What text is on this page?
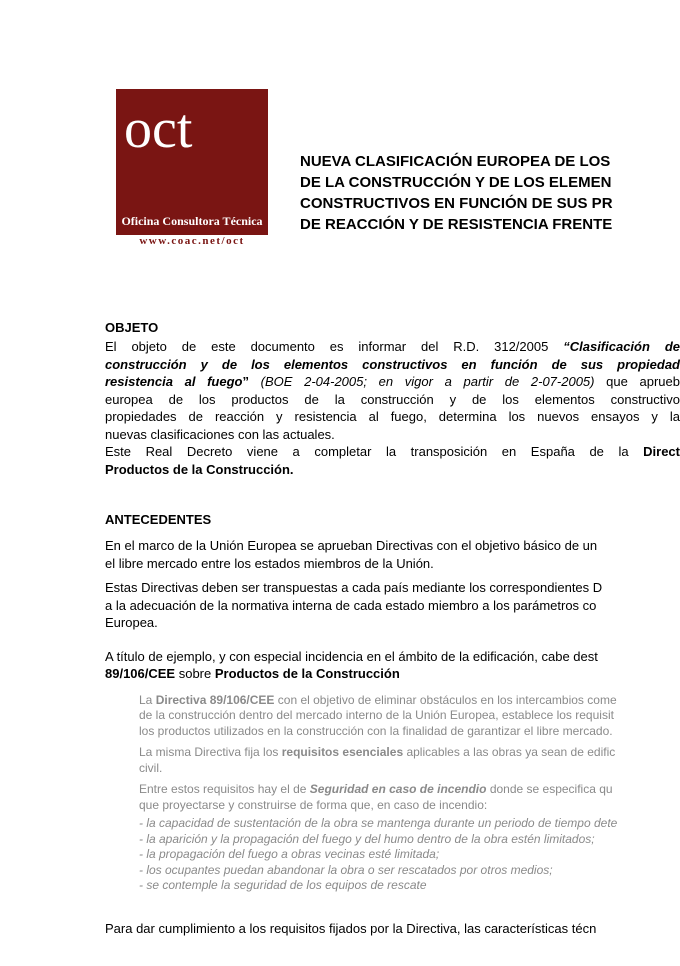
oct
Oficina Consultora Técnica
www.coac.net/oct
NUEVA CLASIFICACIÓN EUROPEA DE LOS
DE LA CONSTRUCCIÓN Y DE LOS ELEMEN
CONSTRUCTIVOS EN FUNCIÓN DE SUS PR
DE REACCIÓN Y DE RESISTENCIA FRENTE
OBJETO
El objeto de este documento es informar del R.D. 312/2005 “Clasificación de
construcción y de los elementos constructivos en función de sus propiedad
resistencia al fuego” (BOE 2-04-2005; en vigor a partir de 2-07-2005) que aprueb
europea de los productos de la construcción y de los elementos constructivo
propiedades de reacción y resistencia al fuego, determina los nuevos ensayos y la
nuevas clasificaciones con las actuales.
Este Real Decreto viene a completar la transposición en España de la Direct
Productos de la Construcción.
ANTECEDENTES
En el marco de la Unión Europea se aprueban Directivas con el objetivo básico de un
el libre mercado entre los estados miembros de la Unión.
Estas Directivas deben ser transpuestas a cada país mediante los correspondientes D
a la adecuación de la normativa interna de cada estado miembro a los parámetros co
Europea.
A título de ejemplo, y con especial incidencia en el ámbito de la edificación, cabe dest
89/106/CEE sobre Productos de la Construcción
La Directiva 89/106/CEE con el objetivo de eliminar obstáculos en los intercambios come
de la construcción dentro del mercado interno de la Unión Europea, establece los requisit
los productos utilizados en la construcción con la finalidad de garantizar el libre mercado.
La misma Directiva fija los requisitos esenciales aplicables a las obras ya sean de edific
civil.
Entre estos requisitos hay el de Seguridad en caso de incendio donde se especifica qu
que proyectarse y construirse de forma que, en caso de incendio:
- la capacidad de sustentación de la obra se mantenga durante un periodo de tiempo dete
- la aparición y la propagación del fuego y del humo dentro de la obra estén limitados;
- la propagación del fuego a obras vecinas esté limitada;
- los ocupantes puedan abandonar la obra o ser rescatados por otros medios;
- se contemple la seguridad de los equipos de rescate
Para dar cumplimiento a los requisitos fijados por la Directiva, las características técn
